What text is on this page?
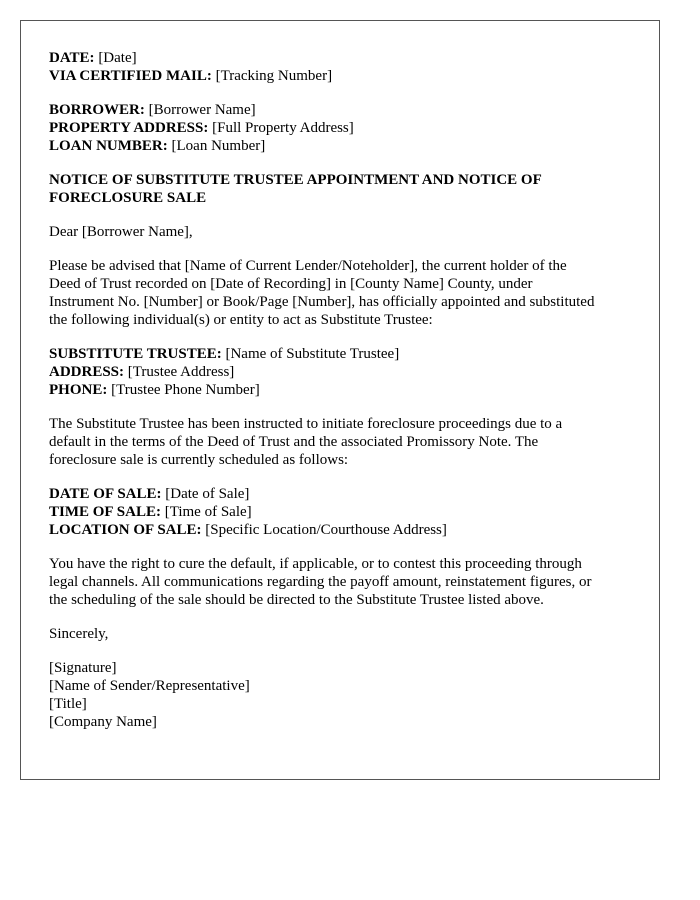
DATE: [Date]
VIA CERTIFIED MAIL: [Tracking Number]
BORROWER: [Borrower Name]
PROPERTY ADDRESS: [Full Property Address]
LOAN NUMBER: [Loan Number]
NOTICE OF SUBSTITUTE TRUSTEE APPOINTMENT AND NOTICE OF
FORECLOSURE SALE

Dear [Borrower Name],

Please be advised that [Name of Current Lender/Noteholder], the current holder of the
Deed of Trust recorded on [Date of Recording] in [County Name] County, under
Instrument No. [Number] or Book/Page [Number], has officially appointed and substituted
the following individual(s) or entity to act as Substitute Trustee:

SUBSTITUTE TRUSTEE: [Name of Substitute Trustee]
ADDRESS: [Trustee Address]
PHONE: [Trustee Phone Number]

The Substitute Trustee has been instructed to initiate foreclosure proceedings due to a
default in the terms of the Deed of Trust and the associated Promissory Note. The
foreclosure sale is currently scheduled as follows:

DATE OF SALE: [Date of Sale]
TIME OF SALE: [Time of Sale]
LOCATION OF SALE: [Specific Location/Courthouse Address]

You have the right to cure the default, if applicable, or to contest this proceeding through
legal channels. All communications regarding the payoff amount, reinstatement figures, or
the scheduling of the sale should be directed to the Substitute Trustee listed above.

Sincerely,

[Signature]
[Name of Sender/Representative]
[Title]
[Company Name]
